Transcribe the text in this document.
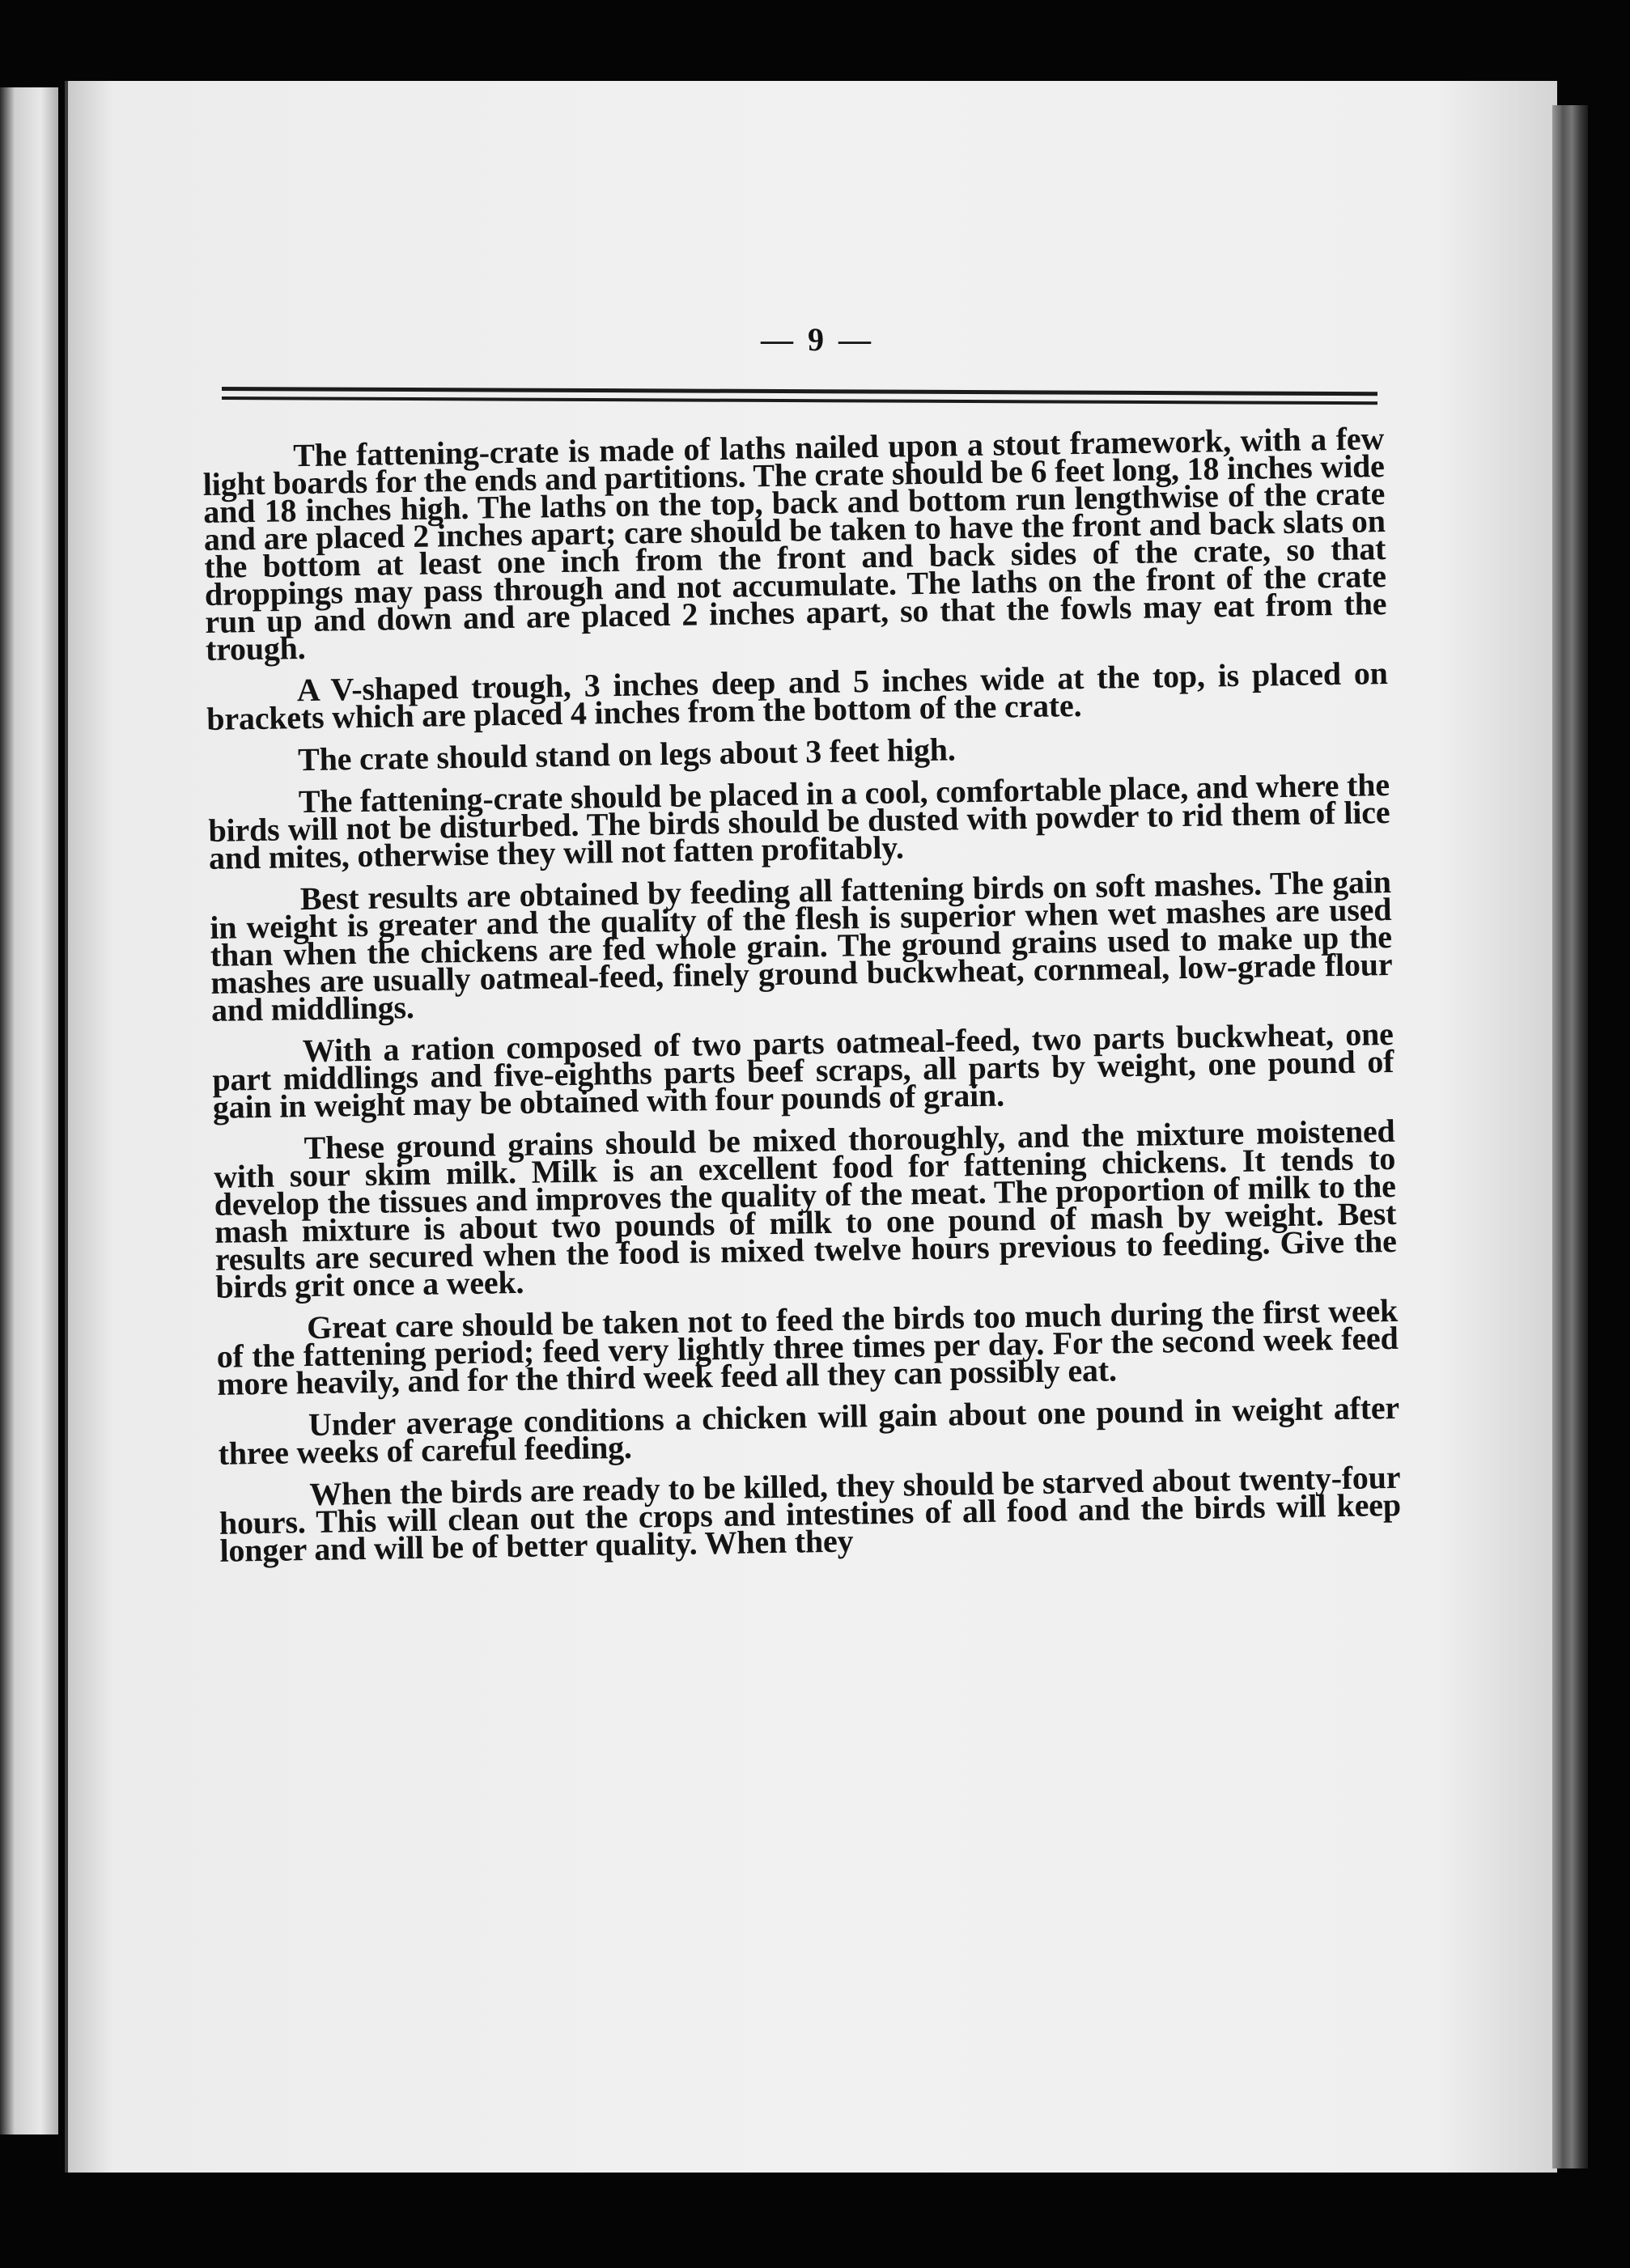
— 9 —

The fattening-crate is made of laths nailed upon a stout framework, with a few light boards for the ends and partitions. The crate should be 6 feet long, 18 inches wide and 18 inches high. The laths on the top, back and bottom run lengthwise of the crate and are placed 2 inches apart; care should be taken to have the front and back slats on the bottom at least one inch from the front and back sides of the crate, so that droppings may pass through and not accumulate. The laths on the front of the crate run up and down and are placed 2 inches apart, so that the fowls may eat from the trough.

A V-shaped trough, 3 inches deep and 5 inches wide at the top, is placed on brackets which are placed 4 inches from the bottom of the crate.

The crate should stand on legs about 3 feet high.

The fattening-crate should be placed in a cool, comfortable place, and where the birds will not be disturbed. The birds should be dusted with powder to rid them of lice and mites, otherwise they will not fatten profitably.

Best results are obtained by feeding all fattening birds on soft mashes. The gain in weight is greater and the quality of the flesh is superior when wet mashes are used than when the chickens are fed whole grain. The ground grains used to make up the mashes are usually oatmeal-feed, finely ground buckwheat, cornmeal, low-grade flour and middlings.

With a ration composed of two parts oatmeal-feed, two parts buckwheat, one part middlings and five-eighths parts beef scraps, all parts by weight, one pound of gain in weight may be obtained with four pounds of grain.

These ground grains should be mixed thoroughly, and the mixture moistened with sour skim milk. Milk is an excellent food for fattening chickens. It tends to develop the tissues and improves the quality of the meat. The proportion of milk to the mash mixture is about two pounds of milk to one pound of mash by weight. Best results are secured when the food is mixed twelve hours previous to feeding. Give the birds grit once a week.

Great care should be taken not to feed the birds too much during the first week of the fattening period; feed very lightly three times per day. For the second week feed more heavily, and for the third week feed all they can possibly eat.

Under average conditions a chicken will gain about one pound in weight after three weeks of careful feeding.

When the birds are ready to be killed, they should be starved about twenty-four hours. This will clean out the crops and intestines of all food and the birds will keep longer and will be of better quality. When they
